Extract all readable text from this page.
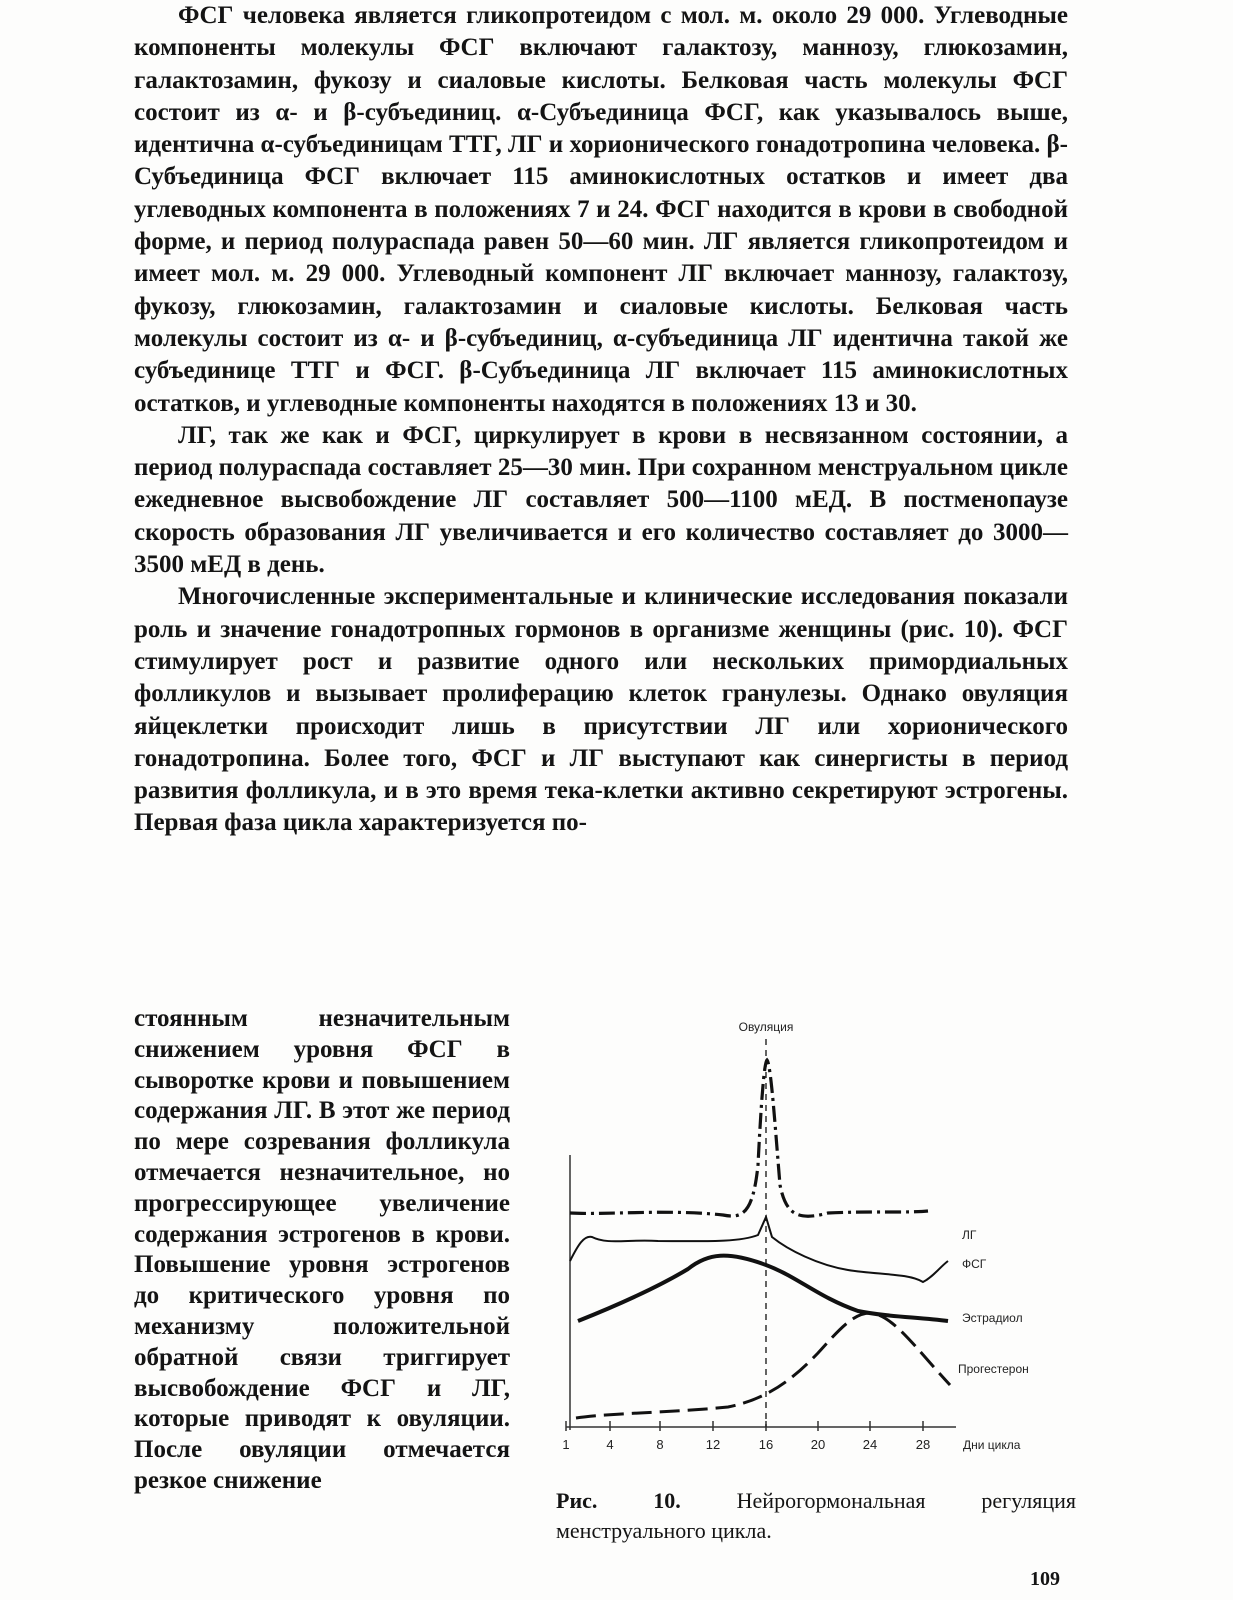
ФСГ человека является гликопротеидом с мол. м. около 29 000. Углеводные компоненты молекулы ФСГ включают галактозу, маннозу, глюкозамин, галактозамин, фукозу и сиаловые кислоты. Белковая часть молекулы ФСГ состоит из α- и β-субъединиц. α-Субъединица ФСГ, как указывалось выше, идентична α-субъединицам ТТГ, ЛГ и хорионического гонадотропина человека. β-Субъединица ФСГ включает 115 аминокислотных остатков и имеет два углеводных компонента в положениях 7 и 24. ФСГ находится в крови в свободной форме, и период полураспада равен 50—60 мин. ЛГ является гликопротеидом и имеет мол. м. 29 000. Углеводный компонент ЛГ включает маннозу, галактозу, фукозу, глюкозамин, галактозамин и сиаловые кислоты. Белковая часть молекулы состоит из α- и β-субъединиц, α-субъединица ЛГ идентична такой же субъединице ТТГ и ФСГ. β-Субъединица ЛГ включает 115 аминокислотных остатков, и углеводные компоненты находятся в положениях 13 и 30.

ЛГ, так же как и ФСГ, циркулирует в крови в несвязанном состоянии, а период полураспада составляет 25—30 мин. При сохранном менструальном цикле ежедневное высвобождение ЛГ составляет 500—1100 мЕД. В постменопаузе скорость образования ЛГ увеличивается и его количество составляет до 3000—3500 мЕД в день.

Многочисленные экспериментальные и клинические исследования показали роль и значение гонадотропных гормонов в организме женщины (рис. 10). ФСГ стимулирует рост и развитие одного или нескольких примордиальных фолликулов и вызывает пролиферацию клеток гранулезы. Однако овуляция яйцеклетки происходит лишь в присутствии ЛГ или хорионического гонадотропина. Более того, ФСГ и ЛГ выступают как синергисты в период развития фолликула, и в это время тека-клетки активно секретируют эстрогены. Первая фаза цикла характеризуется по-

стоянным незначительным снижением уровня ФСГ в сыворотке крови и повышением содержания ЛГ. В этот же период по мере созревания фолликула отмечается незначительное, но прогрессирующее увеличение содержания эстрогенов в крови. Повышение уровня эстрогенов до критического уровня по механизму положительной обратной связи триггирует высвобождение ФСГ и ЛГ, которые приводят к овуляции. После овуляции отмечается резкое снижение

1	4	8	12	16	20	24	28	Дни цикла
Овуляция
ЛГ
ФСГ
Эстрадиол
Прогестерон
Рис. 10.	Нейрогормональная регуляция менструального цикла.
109
